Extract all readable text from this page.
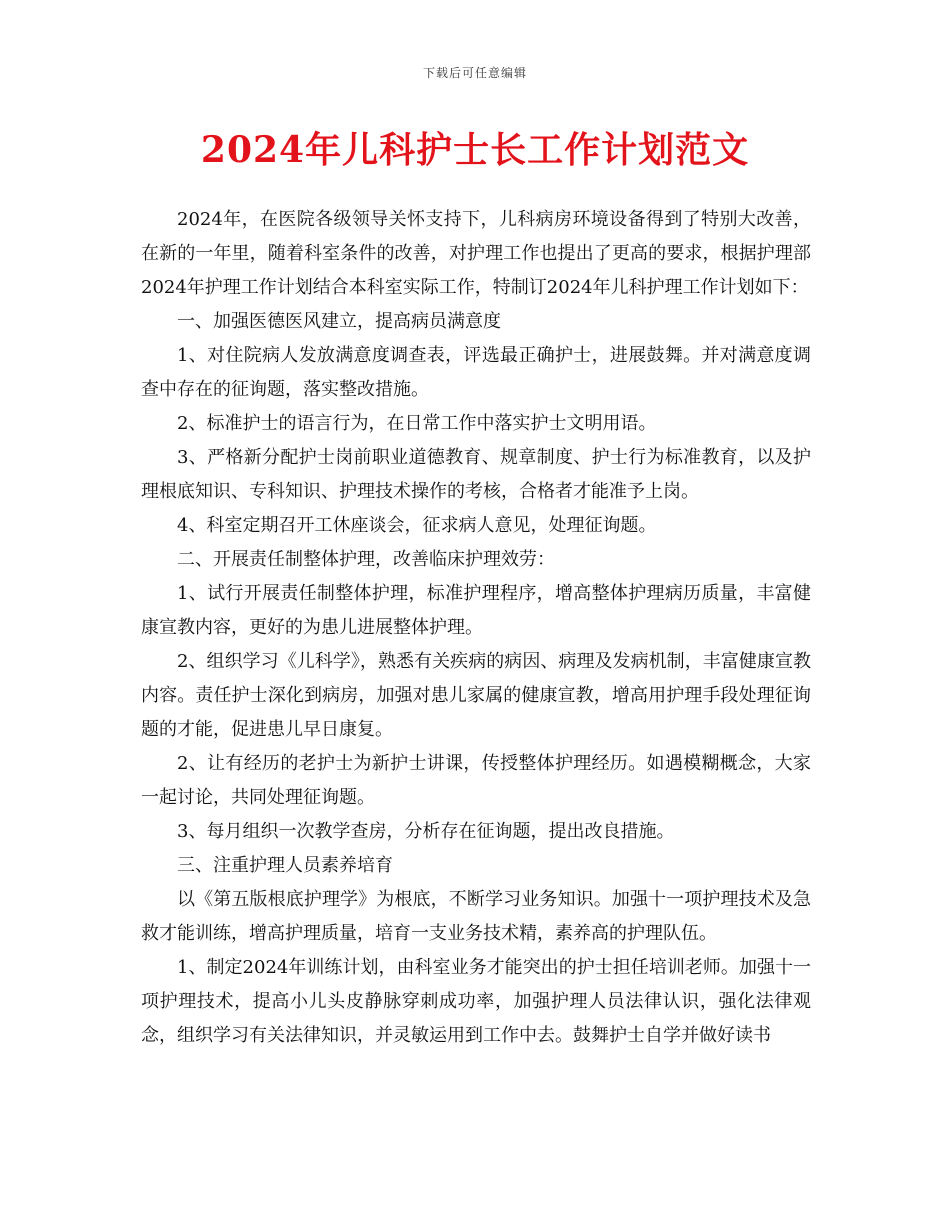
下载后可任意编辑
2024年儿科护士长工作计划范文

2024年，在医院各级领导关怀支持下，儿科病房环境设备得到了特别大改善，在新的一年里，随着科室条件的改善，对护理工作也提出了更高的要求，根据护理部2024年护理工作计划结合本科室实际工作，特制订2024年儿科护理工作计划如下：

一、加强医德医风建立，提高病员满意度

1、对住院病人发放满意度调查表，评选最正确护士，进展鼓舞。并对满意度调查中存在的征询题，落实整改措施。

2、标准护士的语言行为，在日常工作中落实护士文明用语。

3、严格新分配护士岗前职业道德教育、规章制度、护士行为标准教育，以及护理根底知识、专科知识、护理技术操作的考核，合格者才能准予上岗。

4、科室定期召开工休座谈会，征求病人意见，处理征询题。

二、开展责任制整体护理，改善临床护理效劳：

1、试行开展责任制整体护理，标准护理程序，增高整体护理病历质量，丰富健康宣教内容，更好的为患儿进展整体护理。

2、组织学习《儿科学》，熟悉有关疾病的病因、病理及发病机制，丰富健康宣教内容。责任护士深化到病房，加强对患儿家属的健康宣教，增高用护理手段处理征询题的才能，促进患儿早日康复。

2、让有经历的老护士为新护士讲课，传授整体护理经历。如遇模糊概念，大家一起讨论，共同处理征询题。

3、每月组织一次教学查房，分析存在征询题，提出改良措施。

三、注重护理人员素养培育

以《第五版根底护理学》为根底，不断学习业务知识。加强十一项护理技术及急救才能训练，增高护理质量，培育一支业务技术精，素养高的护理队伍。

1、制定2024年训练计划，由科室业务才能突出的护士担任培训老师。加强十一项护理技术，提高小儿头皮静脉穿刺成功率，加强护理人员法律认识，强化法律观念，组织学习有关法律知识，并灵敏运用到工作中去。鼓舞护士自学并做好读书
